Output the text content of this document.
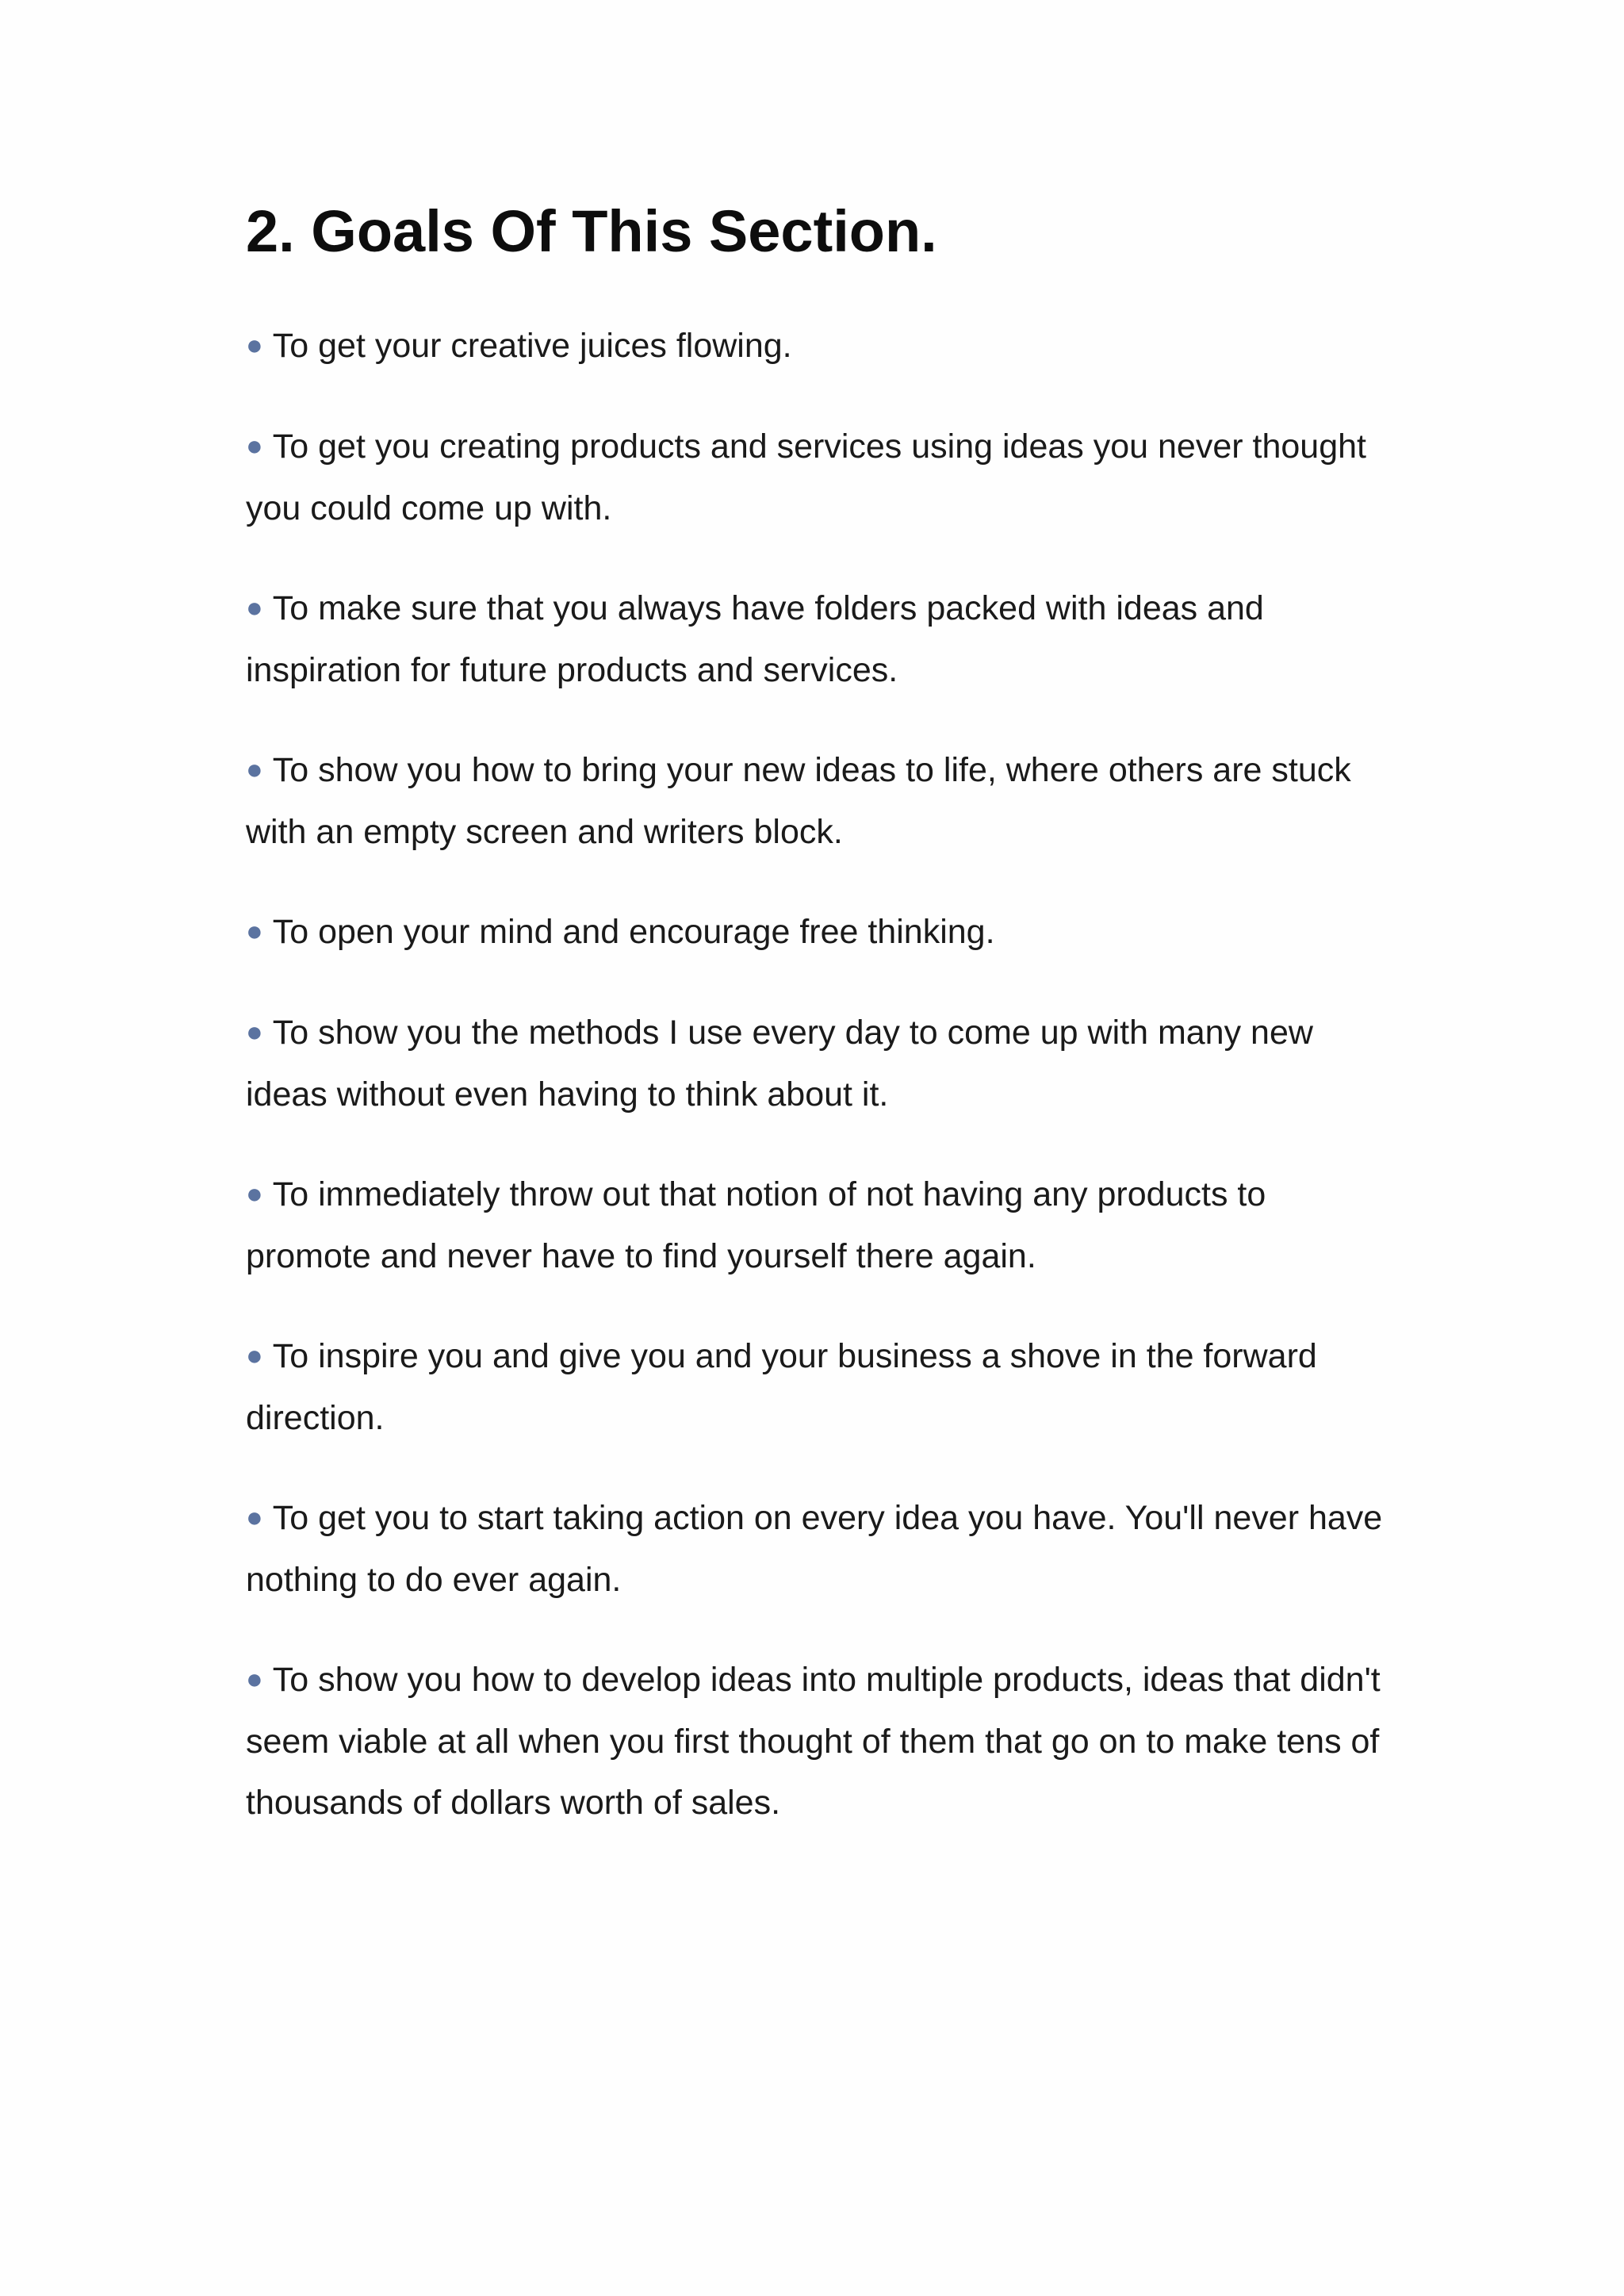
2. Goals Of This Section.
● To get your creative juices flowing.
● To get you creating products and services using ideas you never thought you could come up with.
● To make sure that you always have folders packed with ideas and inspiration for future products and services.
● To show you how to bring your new ideas to life, where others are stuck with an empty screen and writers block.
● To open your mind and encourage free thinking.
● To show you the methods I use every day to come up with many new ideas without even having to think about it.
● To immediately throw out that notion of not having any products to promote and never have to find yourself there again.
● To inspire you and give you and your business a shove in the forward direction.
● To get you to start taking action on every idea you have. You'll never have nothing to do ever again.
● To show you how to develop ideas into multiple products, ideas that didn't seem viable at all when you first thought of them that go on to make tens of thousands of dollars worth of sales.
